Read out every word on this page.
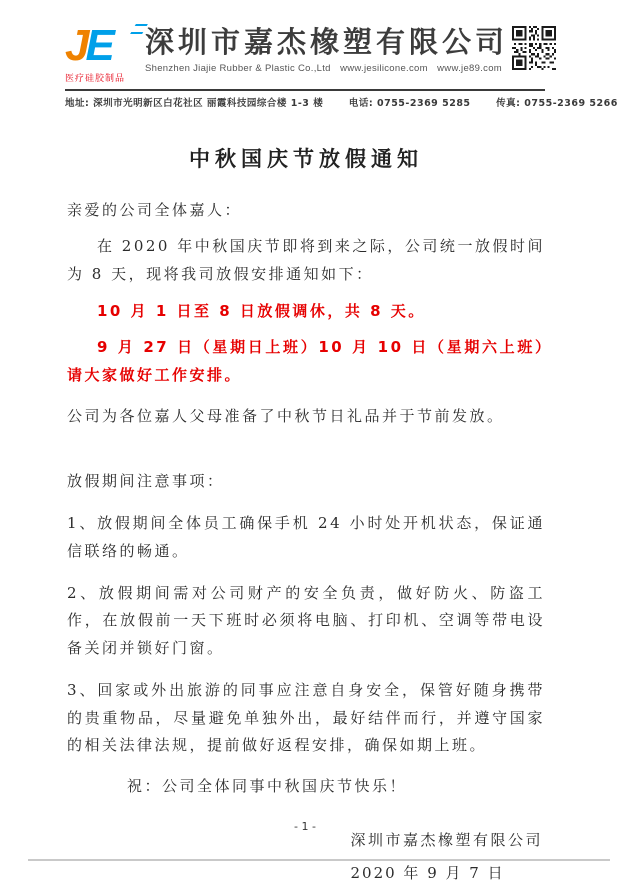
J E
医疗硅胶制品
深圳市嘉杰橡塑有限公司
Shenzhen Jiajie Rubber & Plastic Co.,Ltd www.jesilicone.com www.je89.com
地址: 深圳市光明新区白花社区 丽霞科技园综合楼 1-3 楼	电话: 0755-2369 5285	传真: 0755-2369 5266
中秋国庆节放假通知

亲爱的公司全体嘉人：

在 2020 年中秋国庆节即将到来之际，公司统一放假时间为 8 天，现将我司放假安排通知如下：

10 月 1 日至 8 日放假调休，共 8 天。

9 月 27 日（星期日上班）10 月 10 日（星期六上班）请大家做好工作安排。

公司为各位嘉人父母准备了中秋节日礼品并于节前发放。

放假期间注意事项：

1、放假期间全体员工确保手机 24 小时处开机状态，保证通信联络的畅通。

2、放假期间需对公司财产的安全负责，做好防火、防盗工作，在放假前一天下班时必须将电脑、打印机、空调等带电设备关闭并锁好门窗。

3、回家或外出旅游的同事应注意自身安全，保管好随身携带的贵重物品，尽量避免单独外出，最好结伴而行，并遵守国家的相关法律法规，提前做好返程安排，确保如期上班。

祝：公司全体同事中秋国庆节快乐！

深圳市嘉杰橡塑有限公司
2020 年 9 月 7 日
- 1 -
